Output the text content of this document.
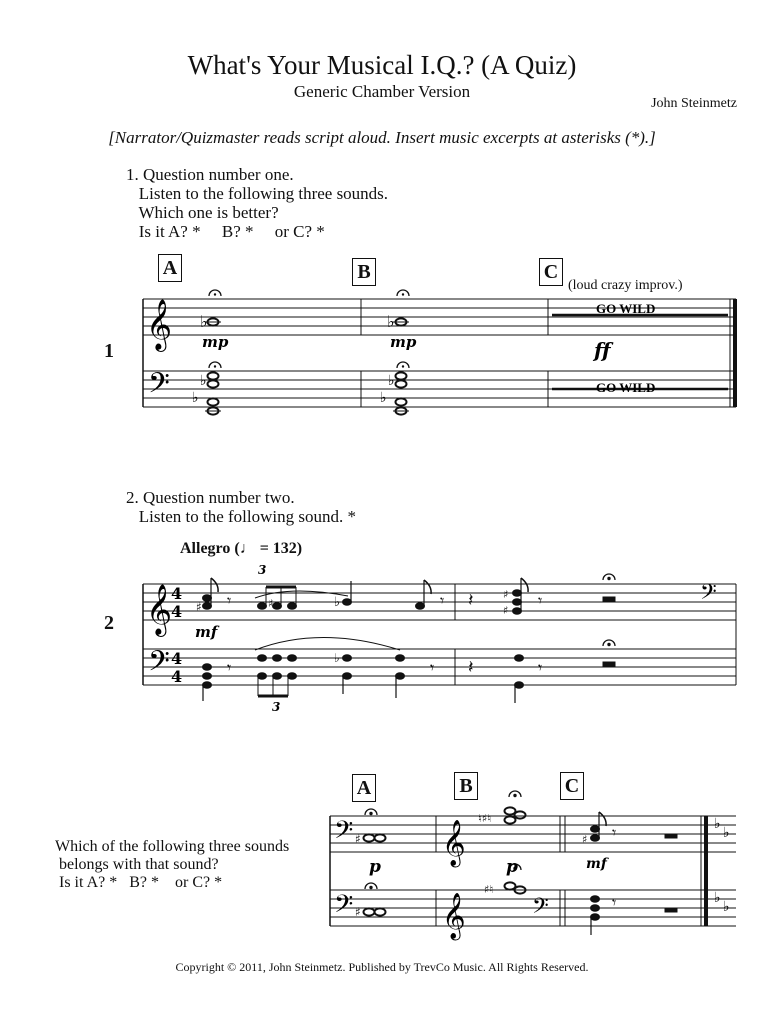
What's Your Musical I.Q.? (A Quiz)
Generic Chamber Version
John Steinmetz
[Narrator/Quizmaster reads script aloud. Insert music excerpts at asterisks (*).]
1. Question number one.
Listen to the following three sounds.
Which one is better?
Is it A? *     B? *     or C? *
A	B	C
(loud crazy improv.)
1
2. Question number two.
Listen to the following sound. *
Allegro (♩ = 132)
2
A	B	C
Which of the following three sounds
belongs with that sound?
Is it A? *   B? *    or C? *
Copyright © 2011, John Steinmetz. Published by TrevCo Music. All Rights Reserved.
𝄞
𝄢
♭
♭
♭
♭
♭
♭
mp	mp	ff
GO WILD
GO WILD
𝄞
𝄢
4
4
4
4
𝄢
♯ 𝄾	♯	♭	𝄾 𝄽	♯
♯
𝄾
𝄾	♭	𝄾 𝄽	𝄾
3
3
mf
𝄢
𝄢
𝄞
𝄞	𝄢
♭
♭
♭
♭
♯
♯
♮♯♮
♯♮
♯ 𝄾
𝄾
p	p	mf
